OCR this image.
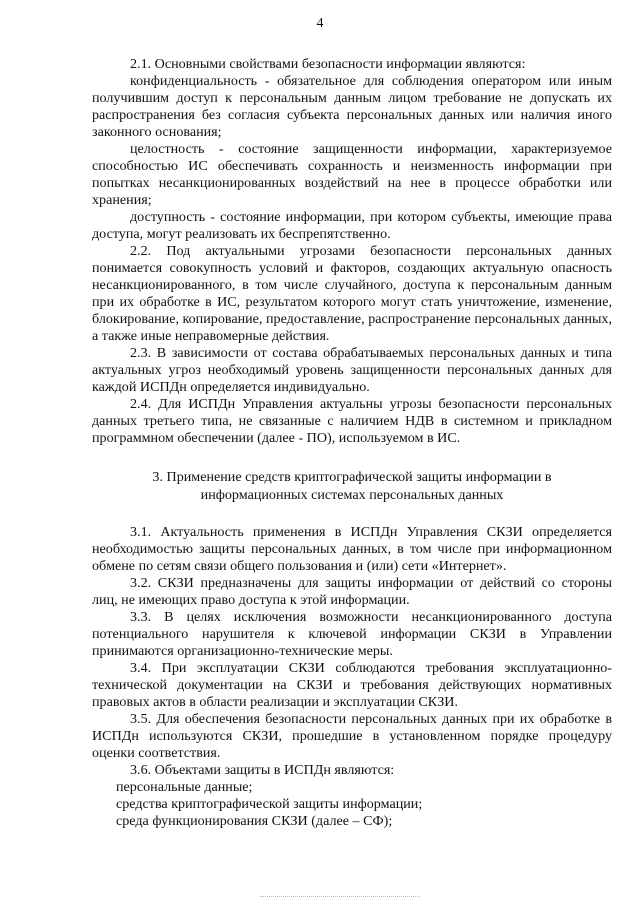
4

2.1. Основными свойствами безопасности информации являются:

конфиденциальность - обязательное для соблюдения оператором или иным получившим доступ к персональным данным лицом требование не допускать их распространения без согласия субъекта персональных данных или наличия иного законного основания;

целостность - состояние защищенности информации, характеризуемое способностью ИС обеспечивать сохранность и неизменность информации при попытках несанкционированных воздействий на нее в процессе обработки или хранения;

доступность - состояние информации, при котором субъекты, имеющие права доступа, могут реализовать их беспрепятственно.

2.2. Под актуальными угрозами безопасности персональных данных понимается совокупность условий и факторов, создающих актуальную опасность несанкционированного, в том числе случайного, доступа к персональным данным при их обработке в ИС, результатом которого могут стать уничтожение, изменение, блокирование, копирование, предоставление, распространение персональных данных, а также иные неправомерные действия.

2.3. В зависимости от состава обрабатываемых персональных данных и типа актуальных угроз необходимый уровень защищенности персональных данных для каждой ИСПДн определяется индивидуально.

2.4. Для ИСПДн Управления актуальны угрозы безопасности персональных данных третьего типа, не связанные с наличием НДВ в системном и прикладном программном обеспечении (далее - ПО), используемом в ИС.

3. Применение средств криптографической защиты информации в
информационных системах персональных данных

3.1. Актуальность применения в ИСПДн Управления СКЗИ определяется необходимостью защиты персональных данных, в том числе при информационном обмене по сетям связи общего пользования и (или) сети «Интернет».

3.2. СКЗИ предназначены для защиты информации от действий со стороны лиц, не имеющих право доступа к этой информации.

3.3. В целях исключения возможности несанкционированного доступа потенциального нарушителя к ключевой информации СКЗИ в Управлении принимаются организационно-технические меры.

3.4. При эксплуатации СКЗИ соблюдаются требования эксплуатационно-технической документации на СКЗИ и требования действующих нормативных правовых актов в области реализации и эксплуатации СКЗИ.

3.5. Для обеспечения безопасности персональных данных при их обработке в ИСПДн используются СКЗИ, прошедшие в установленном порядке процедуру оценки соответствия.

3.6. Объектами защиты в ИСПДн являются:

персональные данные;

средства криптографической защиты информации;

среда функционирования СКЗИ (далее – СФ);
